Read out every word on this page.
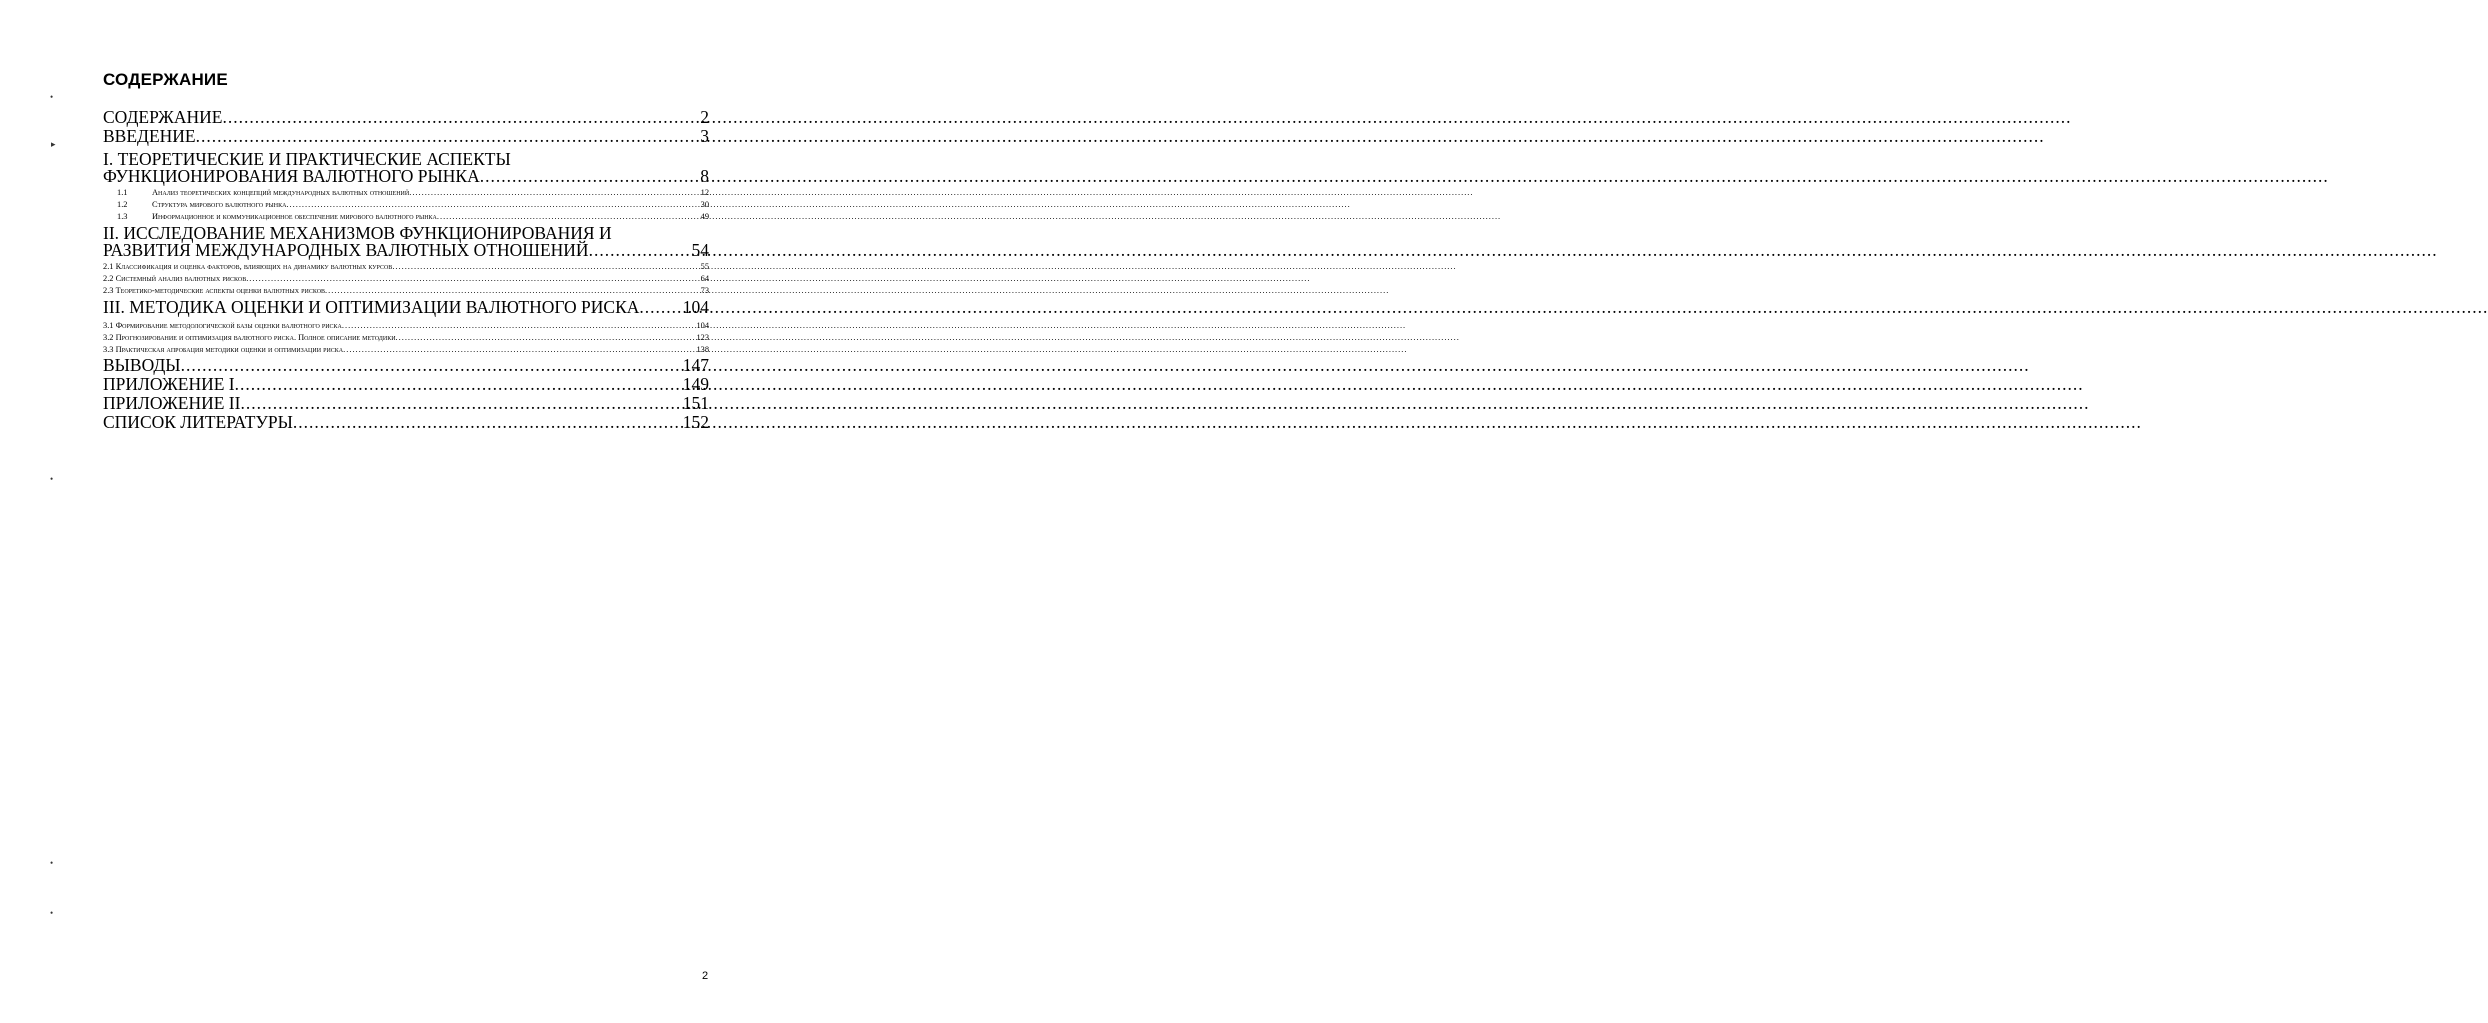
СОДЕРЖАНИЕ
СОДЕРЖАНИЕ .....	2
ВВЕДЕНИЕ .....	3
I. ТЕОРЕТИЧЕСКИЕ И ПРАКТИЧЕСКИЕ АСПЕКТЫ
ФУНКЦИОНИРОВАНИЯ ВАЛЮТНОГО РЫНКА .....	8
1.1	Анализ теоретических концепций международных валютных отношений .....	12
1.2	Структура мирового валютного рынка .....	30
1.3	Информационное и коммуникационное обеспечение мирового валютного рынка .....	49
II. ИССЛЕДОВАНИЕ МЕХАНИЗМОВ ФУНКЦИОНИРОВАНИЯ И
РАЗВИТИЯ МЕЖДУНАРОДНЫХ ВАЛЮТНЫХ ОТНОШЕНИЙ .....	54
2.1 Классификация и оценка факторов, влияющих на динамику валютных курсов .....	55
2.2 Системный анализ валютных рисков .....	64
2.3 Теоретико-методические аспекты оценки валютных рисков .....	73
III. МЕТОДИКА ОЦЕНКИ И ОПТИМИЗАЦИИ ВАЛЮТНОГО РИСКА ..... 104
3.1 Формирование методологической базы оценки валютного риска .....	104
3.2 Прогнозирование и оптимизация валютного риска. Полное описание методики .....	123
3.3 Практическая апробация методики оценки и оптимизации риска .....	138
ВЫВОДЫ .....	147
ПРИЛОЖЕНИЕ I .....	149
ПРИЛОЖЕНИЕ II .....	151
СПИСОК ЛИТЕРАТУРЫ .....	152
•
▸
•
•
•
2
